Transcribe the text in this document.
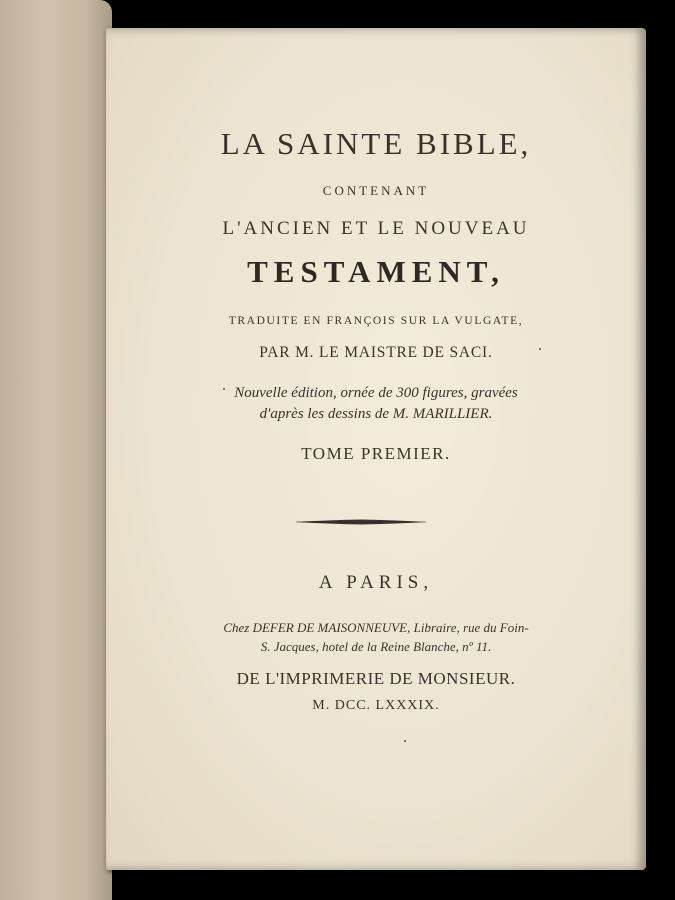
LA SAINTE BIBLE,
CONTENANT
L'ANCIEN ET LE NOUVEAU
TESTAMENT,
TRADUITE EN FRANÇOIS SUR LA VULGATE,
PAR M. LE MAISTRE DE SACI.
Nouvelle édition, ornée de 300 figures, gravées
d'après les dessins de M. MARILLIER.
TOME PREMIER.
A PARIS,
Chez DEFER DE MAISONNEUVE, Libraire, rue du Foin-
S. Jacques, hotel de la Reine Blanche, nº 11.
DE L'IMPRIMERIE DE MONSIEUR.
M. DCC. LXXXIX.
